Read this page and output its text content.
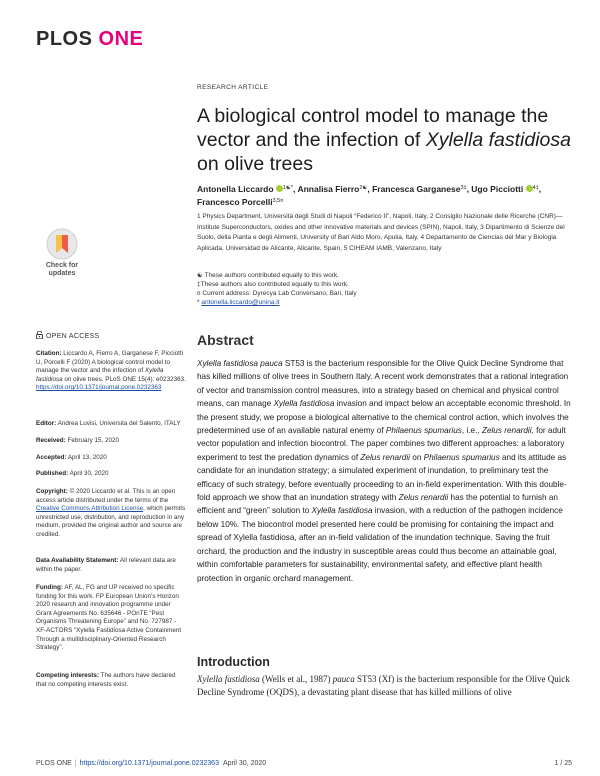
PLOS ONE
RESEARCH ARTICLE
A biological control model to manage the vector and the infection of Xylella fastidiosa on olive trees
Antonella Liccardo $^{1☯*}$, Annalisa Fierro$^{2☯}$, Francesca Garganese$^{3\ddagger}$, Ugo Picciotti $^{4\ddagger}$, Francesco Porcelli$^{3,5¤}$
1 Physics Department, Università degli Studi di Napoli “Federico II”, Napoli, Italy, 2 Consiglio Nazionale delle Ricerche (CNR)—Institute Superconductors, oxides and other innovative materials and devices (SPIN), Napoli, Italy, 3 Dipartimento di Scienze del Suolo, della Pianta e degli Alimenti, University of Bari Aldo Moro, Apulia, Italy, 4 Departamento de Ciencias del Mar y Biologia Aplicada, Universidad de Alicante, Alicante, Spain, 5 CIHEAM IAMB, Valenzano, Italy
☯ These authors contributed equally to this work.
‡These authors also contributed equally to this work.
¤ Current address: Dyrecya Lab Conversano, Bari, Italy
* antonella.liccardo@unina.it
Check for
updates
OPEN ACCESS
Citation: Liccardo A, Fierro A, Garganese F, Picciotti U, Porcelli F (2020) A biological control model to manage the vector and the infection of Xylella fastidiosa on olive trees. PLoS ONE 15(4): e0232363. https://doi.org/10.1371/journal.pone.0232363
Editor: Andrea Luvisi, Universita del Salento, ITALY
Received: February 15, 2020
Accepted: April 13, 2020
Published: April 30, 2020
Copyright: © 2020 Liccardo et al. This is an open access article distributed under the terms of the Creative Commons Attribution License, which permits unrestricted use, distribution, and reproduction in any medium, provided the original author and source are credited.
Data Availability Statement: All relevant data are within the paper.
Funding: AF, AL, FG and UP received no specific funding for this work. FP European Union’s Horizon 2020 research and innovation programme under Grant Agreements No. 635646 - POnTE “Pest Organisms Threatening Europe” and No. 727987 - XF-ACTORS “Xylella Fastidiosa Active Containment Through a multidisciplinary-Oriented Research Strategy”.
Competing interests: The authors have declared that no competing interests exist.
Abstract

Xylella fastidiosa pauca ST53 is the bacterium responsible for the Olive Quick Decline Syndrome that has killed millions of olive trees in Southern Italy. A recent work demonstrates that a rational integration of vector and transmission control measures, into a strategy based on chemical and physical control means, can manage Xylella fastidiosa invasion and impact below an acceptable economic threshold. In the present study, we propose a biological alternative to the chemical control action, which involves the predetermined use of an available natural enemy of Philaenus spumarius, i.e., Zelus renardii, for adult vector population and infection biocontrol. The paper combines two different approaches: a laboratory experiment to test the predation dynamics of Zelus renardii on Philaenus spumarius and its attitude as candidate for an inundation strategy; a simulated experiment of inundation, to preliminary test the efficacy of such strategy, before eventually proceeding to an in-field experimentation. With this double-fold approach we show that an inundation strategy with Zelus renardii has the potential to furnish an efficient and “green” solution to Xylella fastidiosa invasion, with a reduction of the pathogen incidence below 10%. The biocontrol model presented here could be promising for containing the impact and spread of Xylella fastidiosa, after an in-field validation of the inundation technique. Saving the fruit orchard, the production and the industry in susceptible areas could thus become an attainable goal, within comfortable parameters for sustainability, environmental safety, and effective plant health protection in organic orchard management.

Introduction

Xylella fastidiosa (Wells et al., 1987) pauca ST53 (Xf) is the bacterium responsible for the Olive Quick Decline Syndrome (OQDS), a devastating plant disease that has killed millions of olive

PLOS ONE | https://doi.org/10.1371/journal.pone.0232363 April 30, 2020	1 / 25
